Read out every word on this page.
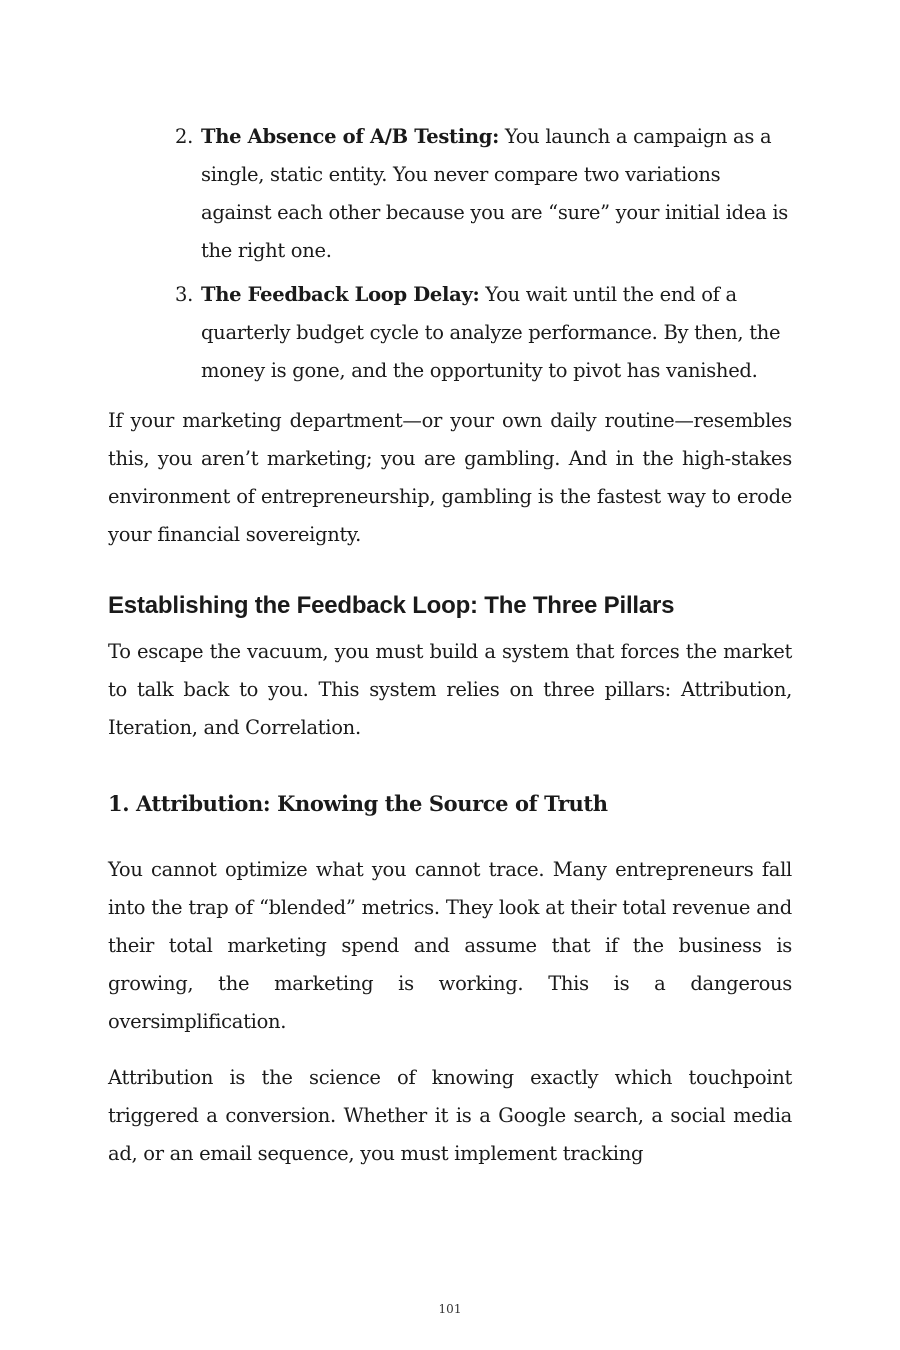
2. The Absence of A/B Testing: You launch a campaign as a single, static entity. You never compare two variations against each other because you are “sure” your initial idea is the right one.
3. The Feedback Loop Delay: You wait until the end of a quarterly budget cycle to analyze performance. By then, the money is gone, and the opportunity to pivot has vanished.

If your marketing department—or your own daily routine—resembles this, you aren’t marketing; you are gambling. And in the high-stakes environment of entrepreneurship, gambling is the fastest way to erode your financial sovereignty.

Establishing the Feedback Loop: The Three Pillars

To escape the vacuum, you must build a system that forces the market to talk back to you. This system relies on three pillars: Attribution, Iteration, and Correlation.

1. Attribution: Knowing the Source of Truth

You cannot optimize what you cannot trace. Many entrepreneurs fall into the trap of “blended” metrics. They look at their total revenue and their total marketing spend and assume that if the business is growing, the marketing is working. This is a dangerous oversimplification.

Attribution is the science of knowing exactly which touchpoint triggered a conversion. Whether it is a Google search, a social media ad, or an email sequence, you must implement tracking

101
